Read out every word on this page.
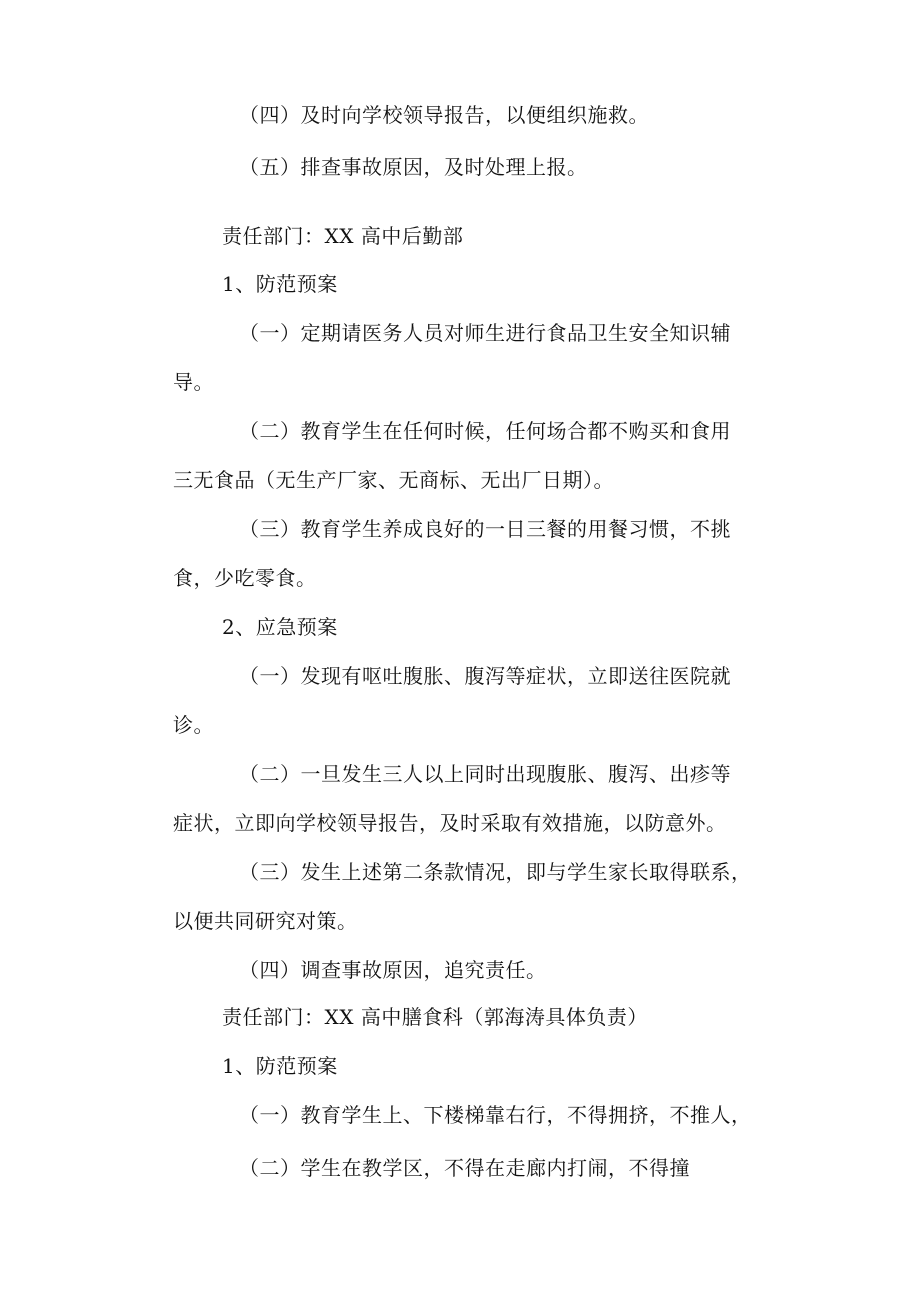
（四）及时向学校领导报告，以便组织施救。
（五）排查事故原因，及时处理上报。
责任部门：XX 高中后勤部
1、防范预案
（一）定期请医务人员对师生进行食品卫生安全知识辅
导。
（二）教育学生在任何时候，任何场合都不购买和食用
三无食品（无生产厂家、无商标、无出厂日期）。
（三）教育学生养成良好的一日三餐的用餐习惯，不挑
食，少吃零食。
2、应急预案
（一）发现有呕吐腹胀、腹泻等症状，立即送往医院就
诊。
（二）一旦发生三人以上同时出现腹胀、腹泻、出疹等
症状，立即向学校领导报告，及时采取有效措施，以防意外。
（三）发生上述第二条款情况，即与学生家长取得联系，
以便共同研究对策。
（四）调查事故原因，追究责任。
责任部门：XX 高中膳食科（郭海涛具体负责）
1、防范预案
（一）教育学生上、下楼梯靠右行，不得拥挤，不推人，
（二）学生在教学区，不得在走廊内打闹，不得撞
